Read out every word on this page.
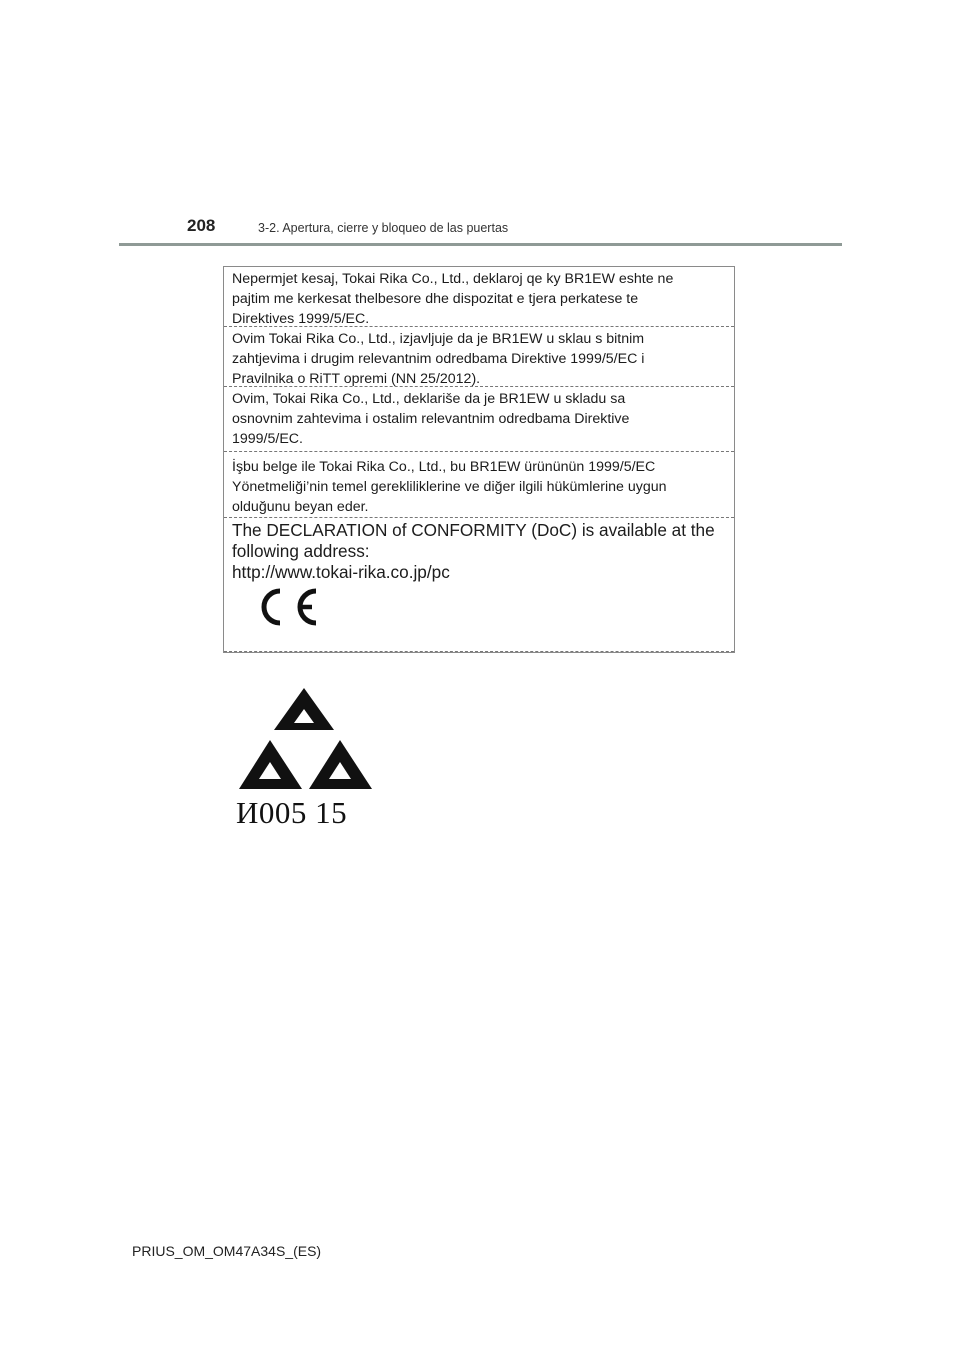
208	3-2. Apertura, cierre y bloqueo de las puertas
Nepermjet kesaj, Tokai Rika Co., Ltd., deklaroj qe ky BR1EW eshte ne
pajtim me kerkesat thelbesore dhe dispozitat e tjera perkatese te
Direktives 1999/5/EC.
Ovim Tokai Rika Co., Ltd., izjavljuje da je BR1EW u sklau s bitnim
zahtjevima i drugim relevantnim odredbama Direktive 1999/5/EC i
Pravilnika o RiTT opremi (NN 25/2012).
Ovim, Tokai Rika Co., Ltd., deklariše da je BR1EW u skladu sa
osnovnim zahtevima i ostalim relevantnim odredbama Direktive
1999/5/EC.
İşbu belge ile Tokai Rika Co., Ltd., bu BR1EW ürününün 1999/5/EC
Yönetmeliği’nin temel gerekliliklerine ve diğer ilgili hükümlerine uygun
olduğunu beyan eder.
The DECLARATION of CONFORMITY (DoC) is available at the
following address:
http://www.tokai-rika.co.jp/pc
И005 15
PRIUS_OM_OM47A34S_(ES)
